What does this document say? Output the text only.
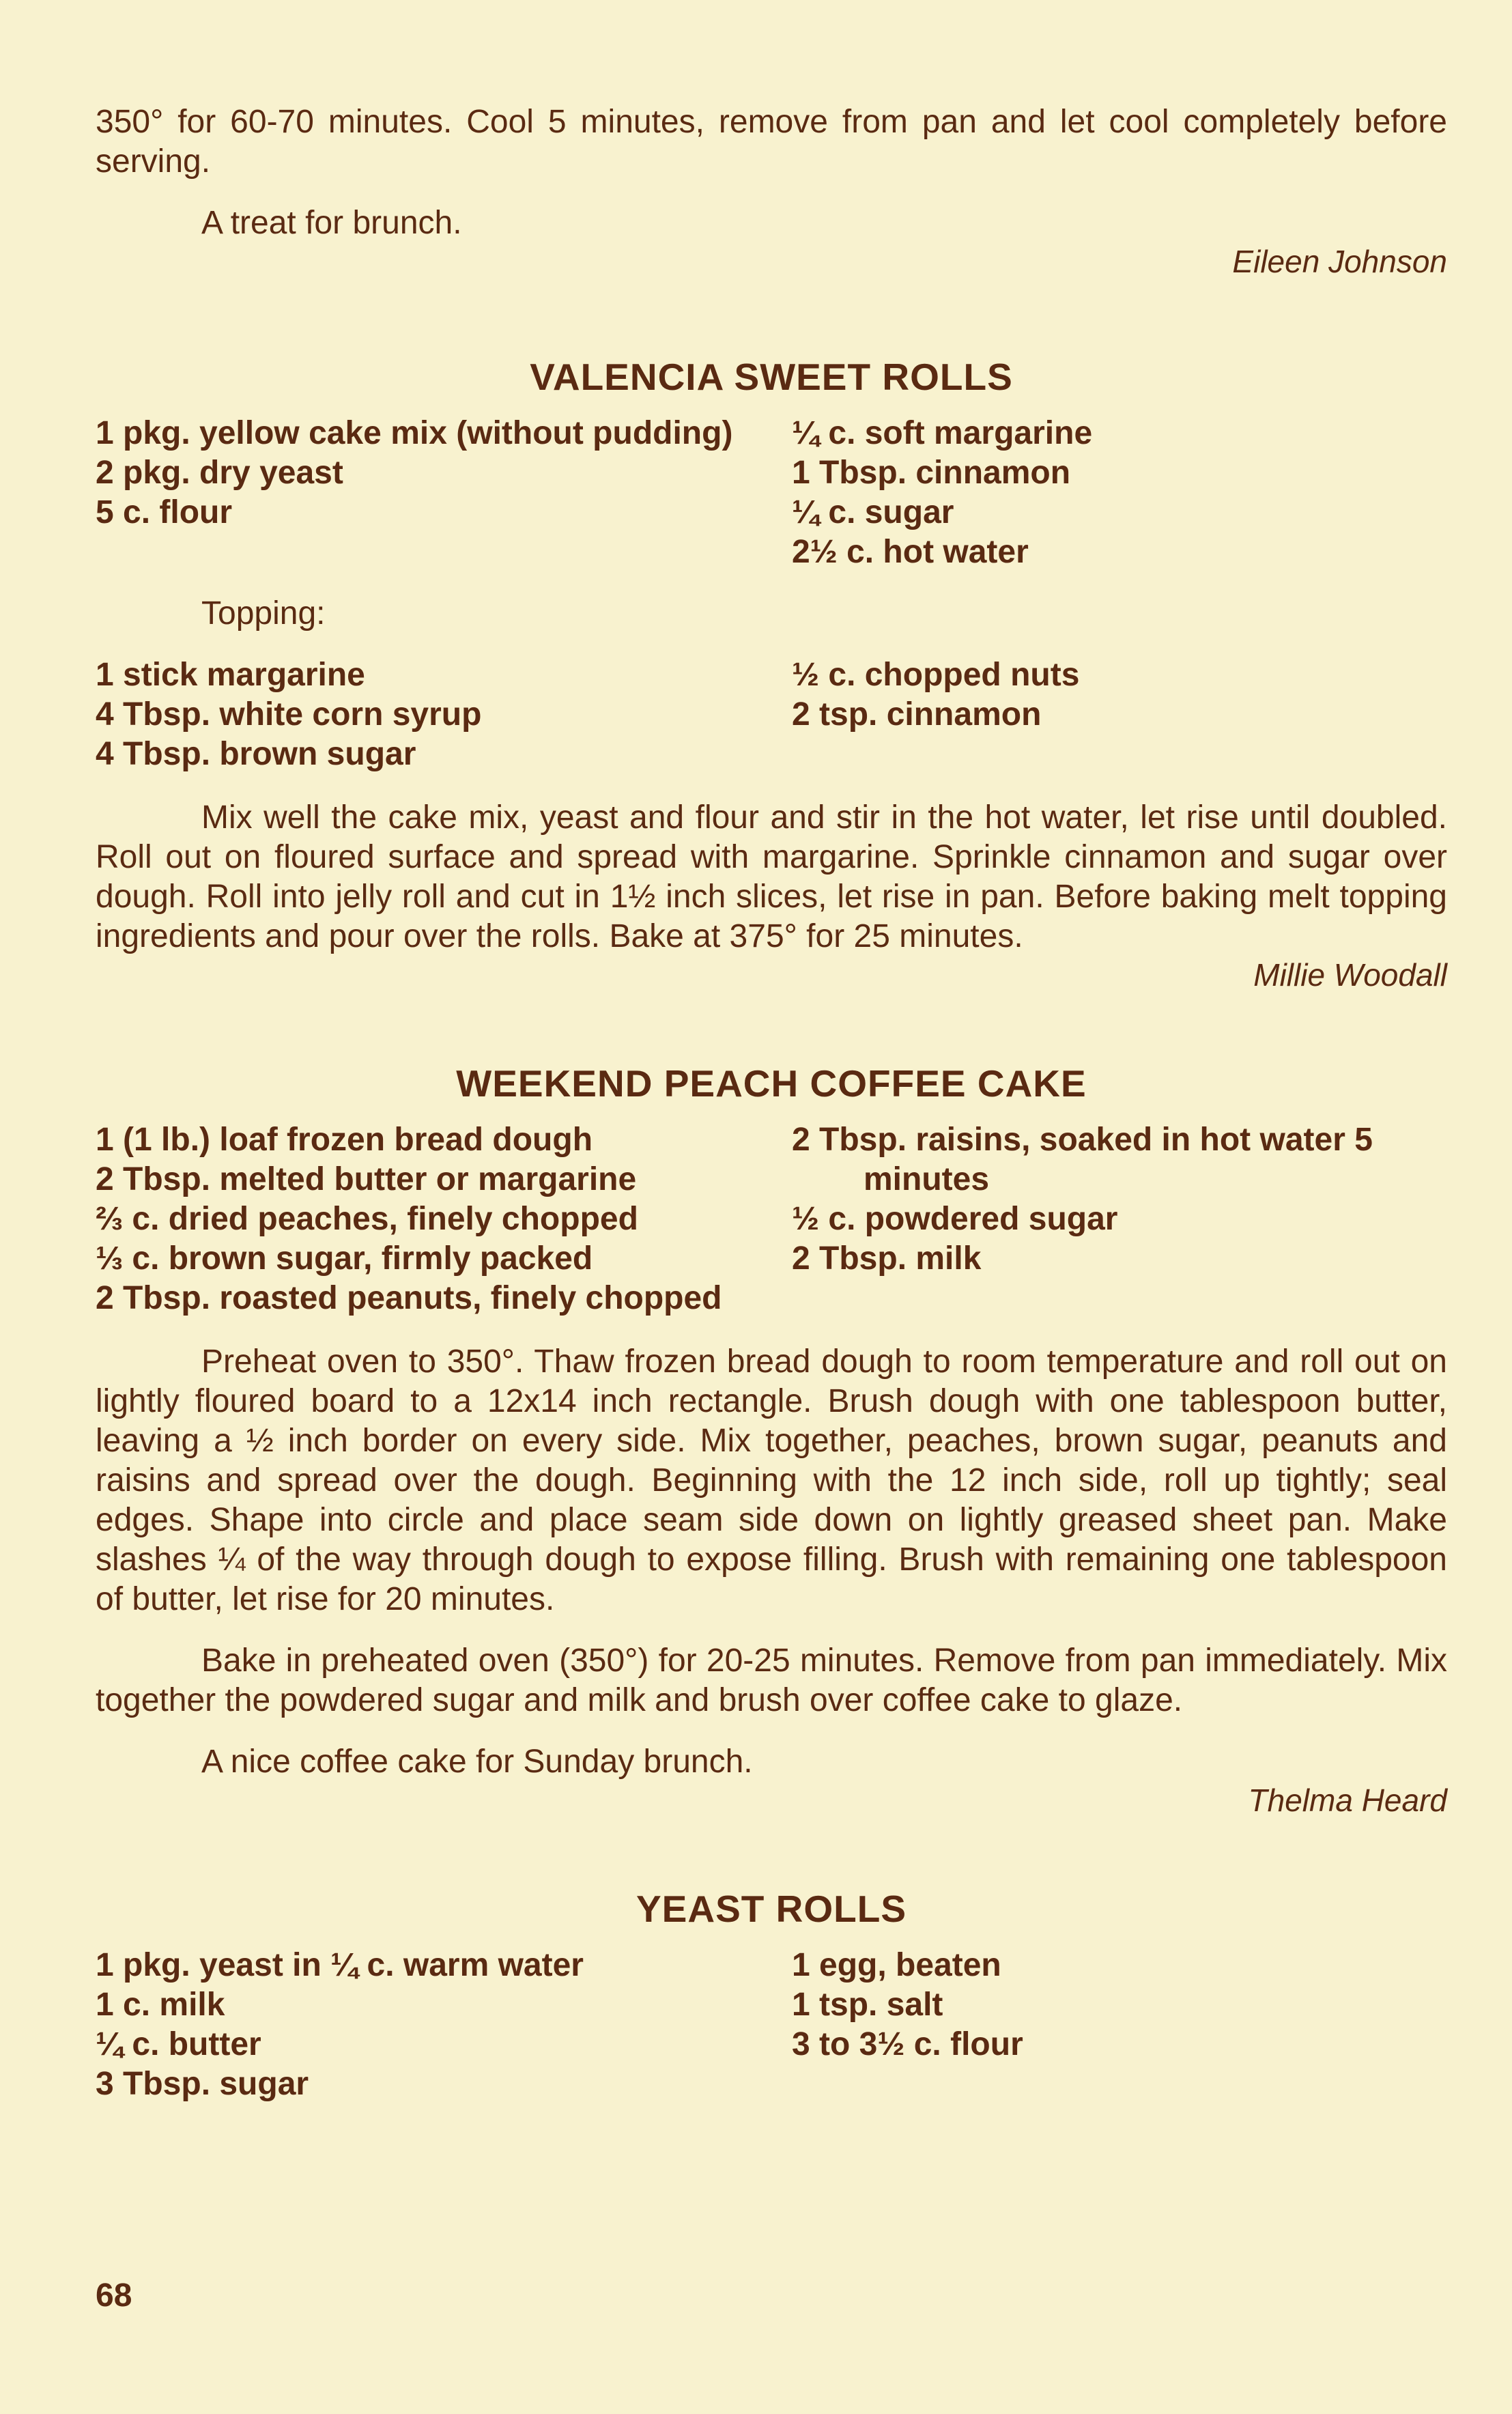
350° for 60-70 minutes. Cool 5 minutes, remove from pan and let cool completely before serving.

A treat for brunch.

Eileen Johnson

VALENCIA SWEET ROLLS

1 pkg. yellow cake mix (without pudding)

2 pkg. dry yeast

5 c. flour

¼ c. soft margarine

1 Tbsp. cinnamon

¼ c. sugar

2½ c. hot water

Topping:

1 stick margarine

4 Tbsp. white corn syrup

4 Tbsp. brown sugar

½ c. chopped nuts

2 tsp. cinnamon

Mix well the cake mix, yeast and flour and stir in the hot water, let rise until doubled. Roll out on floured surface and spread with margarine. Sprinkle cinnamon and sugar over dough. Roll into jelly roll and cut in 1½ inch slices, let rise in pan. Before baking melt topping ingredients and pour over the rolls. Bake at 375° for 25 minutes.

Millie Woodall

WEEKEND PEACH COFFEE CAKE

1 (1 lb.) loaf frozen bread dough

2 Tbsp. melted butter or margarine

⅔ c. dried peaches, finely chopped

⅓ c. brown sugar, firmly packed

2 Tbsp. roasted peanuts, finely chopped

2 Tbsp. raisins, soaked in hot water 5 minutes

½ c. powdered sugar

2 Tbsp. milk

Preheat oven to 350°. Thaw frozen bread dough to room temperature and roll out on lightly floured board to a 12x14 inch rectangle. Brush dough with one tablespoon butter, leaving a ½ inch border on every side. Mix together, peaches, brown sugar, peanuts and raisins and spread over the dough. Beginning with the 12 inch side, roll up tightly; seal edges. Shape into circle and place seam side down on lightly greased sheet pan. Make slashes ¼ of the way through dough to expose filling. Brush with remaining one tablespoon of butter, let rise for 20 minutes.

Bake in preheated oven (350°) for 20-25 minutes. Remove from pan immediately. Mix together the powdered sugar and milk and brush over coffee cake to glaze.

A nice coffee cake for Sunday brunch.

Thelma Heard

YEAST ROLLS

1 pkg. yeast in ¼ c. warm water

1 c. milk

¼ c. butter

3 Tbsp. sugar

1 egg, beaten

1 tsp. salt

3 to 3½ c. flour

68
